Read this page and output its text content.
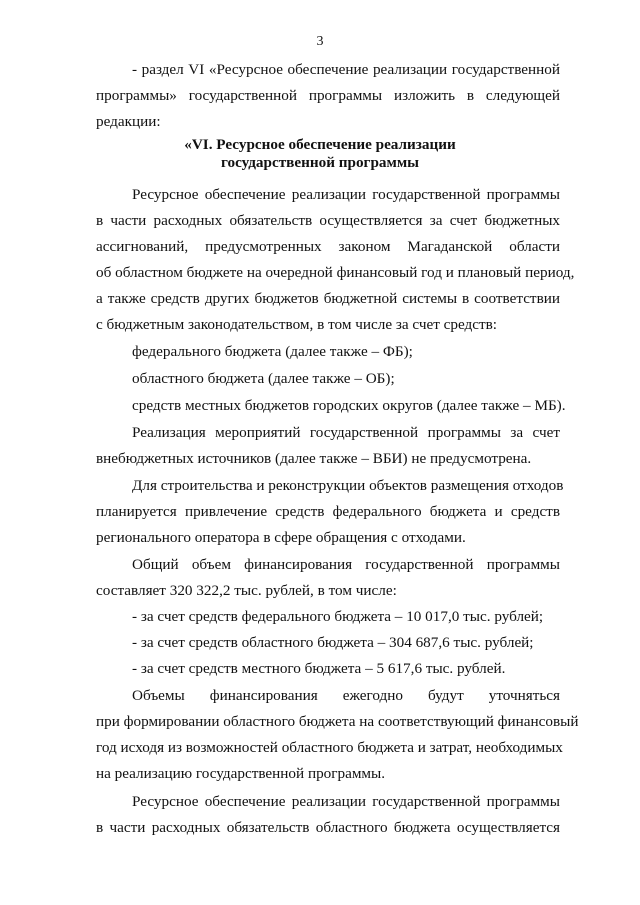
3
- раздел VI «Ресурсное обеспечение реализации государственной
программы» государственной программы изложить в следующей
редакции:
«VI. Ресурсное обеспечение реализации
государственной программы
Ресурсное обеспечение реализации государственной программы
в части расходных обязательств осуществляется за счет бюджетных
ассигнований, предусмотренных законом Магаданской области
об областном бюджете на очередной финансовый год и плановый период,
а также средств других бюджетов бюджетной системы в соответствии
с бюджетным законодательством, в том числе за счет средств:
федерального бюджета (далее также – ФБ);
областного бюджета (далее также – ОБ);
средств местных бюджетов городских округов (далее также – МБ).
Реализация мероприятий государственной программы за счет
внебюджетных источников (далее также – ВБИ) не предусмотрена.
Для строительства и реконструкции объектов размещения отходов
планируется привлечение средств федерального бюджета и средств
регионального оператора в сфере обращения с отходами.
Общий объем финансирования государственной программы
составляет 320 322,2 тыс. рублей, в том числе:
- за счет средств федерального бюджета – 10 017,0 тыс. рублей;
- за счет средств областного бюджета – 304 687,6 тыс. рублей;
- за счет средств местного бюджета – 5 617,6 тыс. рублей.
Объемы финансирования ежегодно будут уточняться
при формировании областного бюджета на соответствующий финансовый
год исходя из возможностей областного бюджета и затрат, необходимых
на реализацию государственной программы.
Ресурсное обеспечение реализации государственной программы
в части расходных обязательств областного бюджета осуществляется
